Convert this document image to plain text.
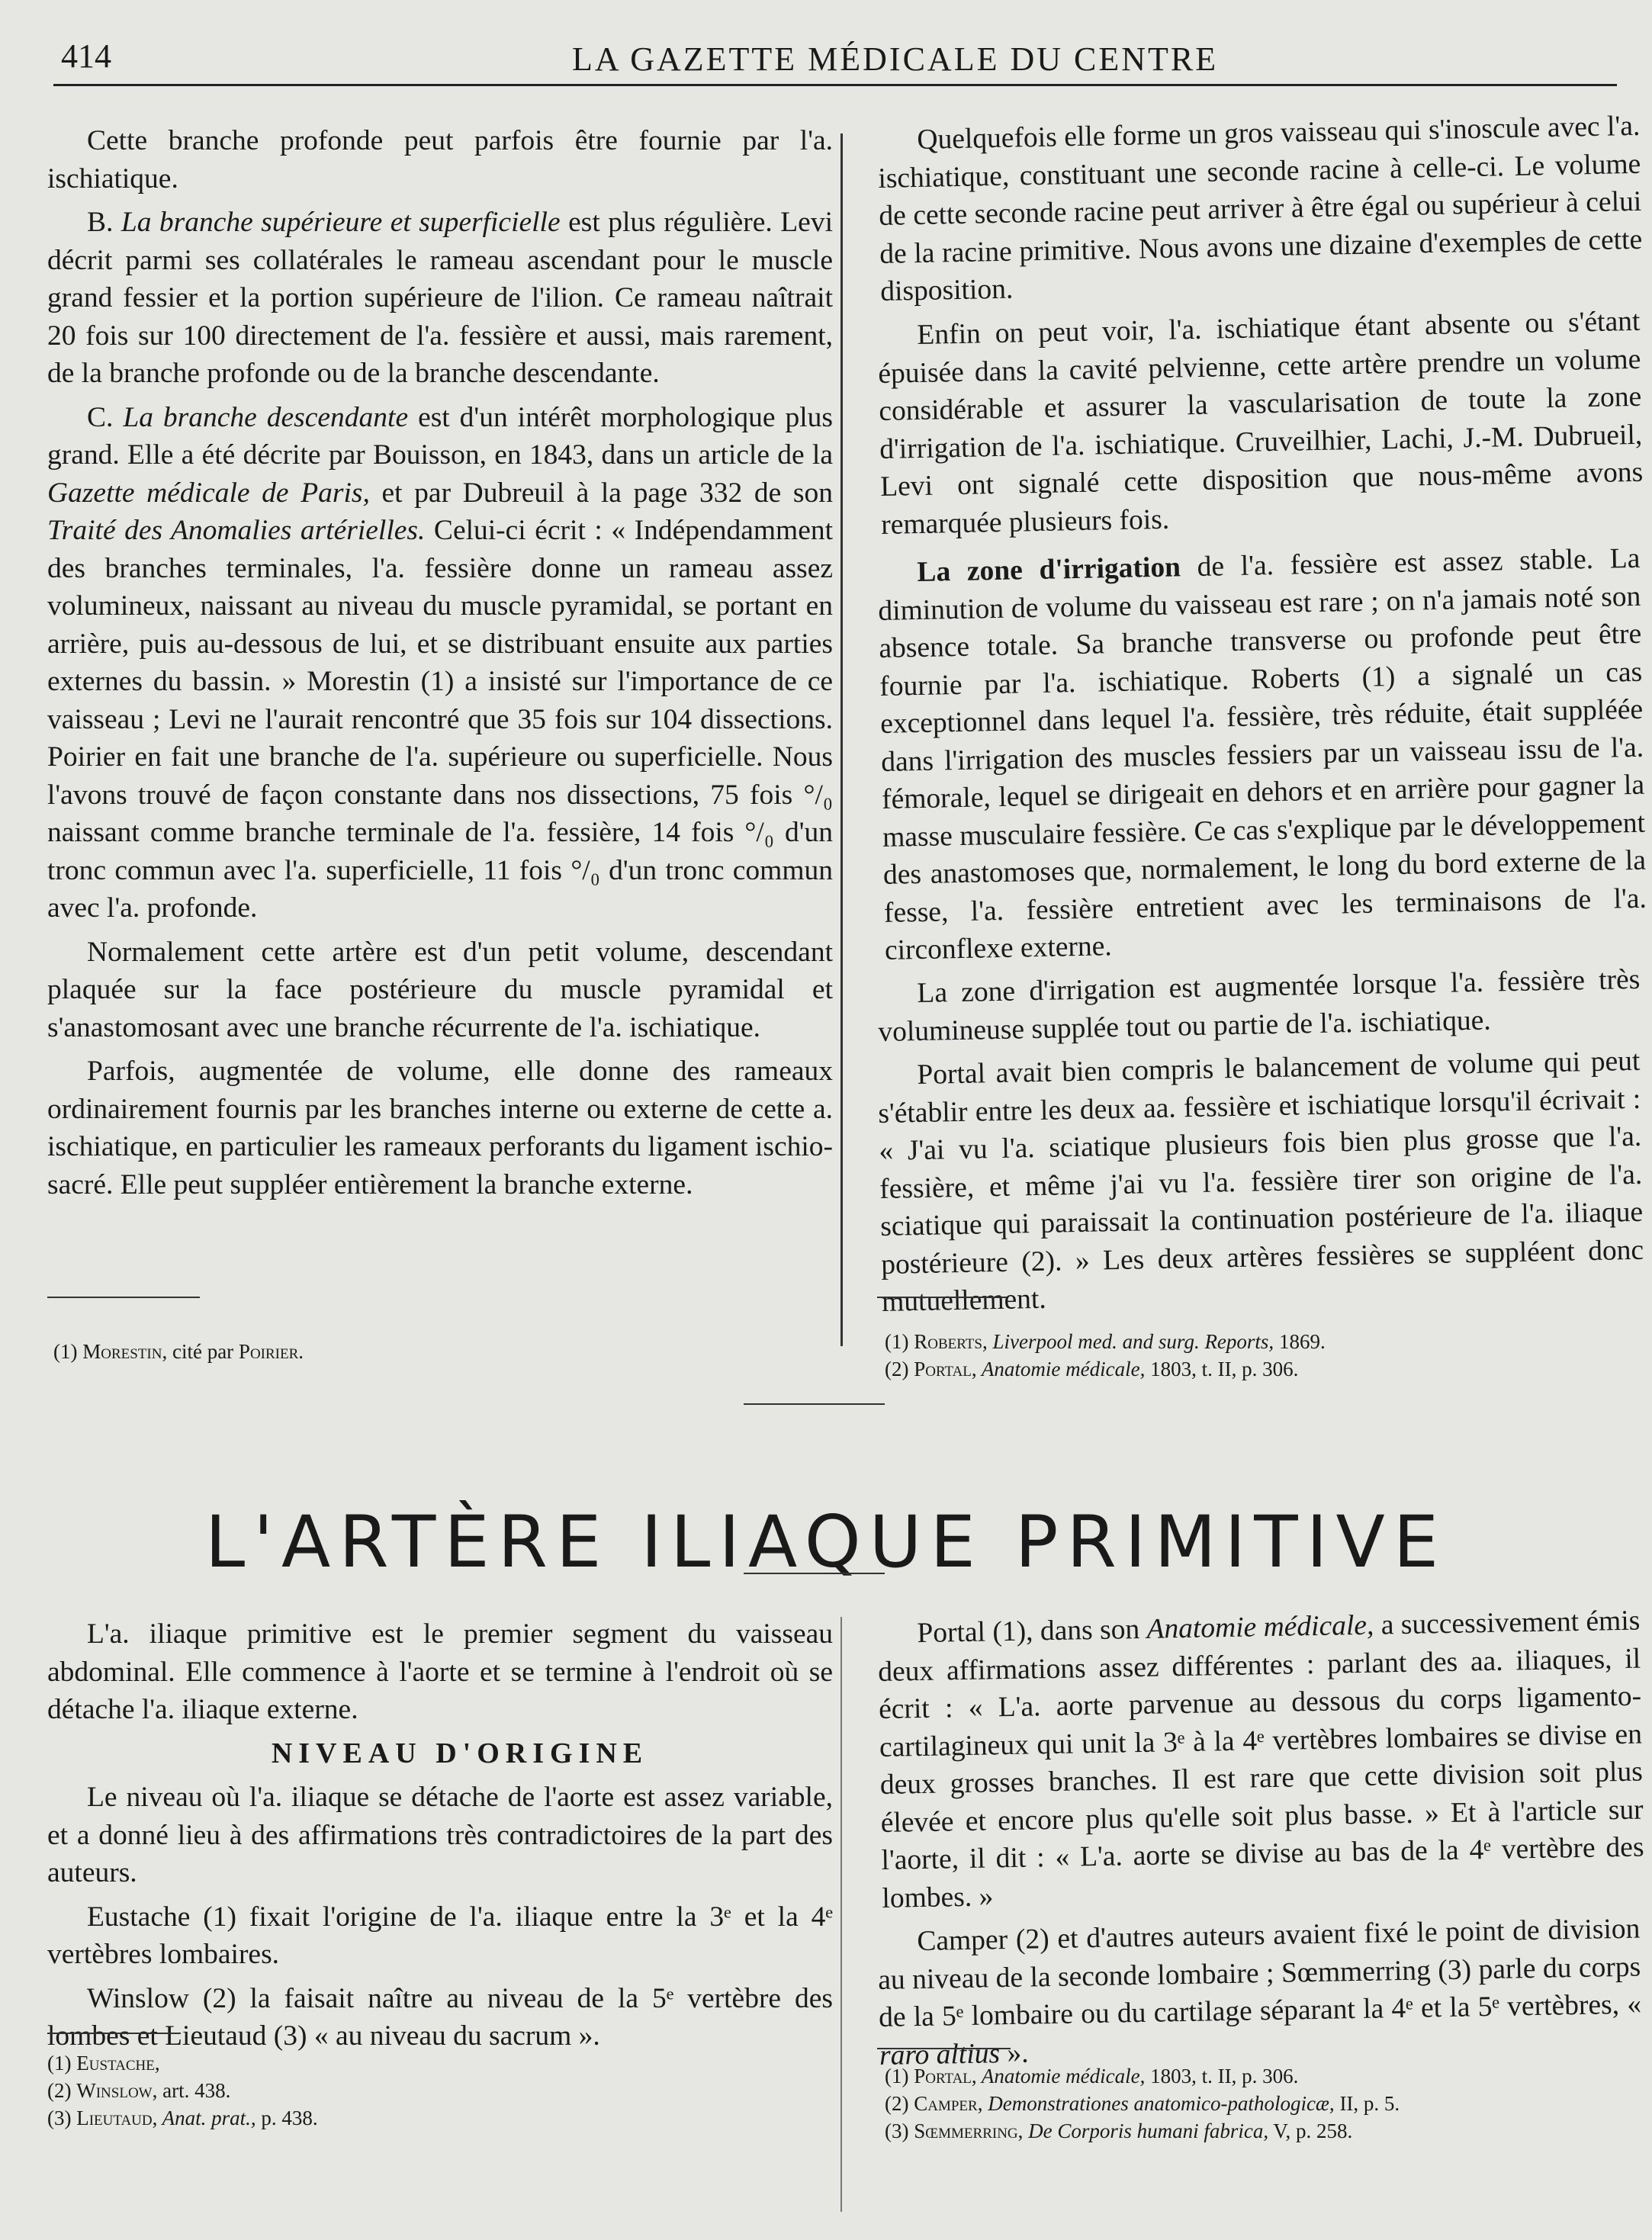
414	LA GAZETTE MÉDICALE DU CENTRE

Cette branche profonde peut parfois être fournie par l'a. ischiatique.

B. La branche supérieure et superficielle est plus régulière. Levi décrit parmi ses collatérales le rameau ascendant pour le muscle grand fessier et la portion supérieure de l'ilion. Ce rameau naîtrait 20 fois sur 100 directement de l'a. fessière et aussi, mais rarement, de la branche profonde ou de la branche descendante.

C. La branche descendante est d'un intérêt morphologique plus grand. Elle a été décrite par Bouisson, en 1843, dans un article de la Gazette médicale de Paris, et par Dubreuil à la page 332 de son Traité des Anomalies artérielles. Celui-ci écrit : « Indépendamment des branches terminales, l'a. fessière donne un rameau assez volumineux, naissant au niveau du muscle pyramidal, se portant en arrière, puis au-dessous de lui, et se distribuant ensuite aux parties externes du bassin. » Morestin (1) a insisté sur l'importance de ce vaisseau ; Levi ne l'aurait rencontré que 35 fois sur 104 dissections. Poirier en fait une branche de l'a. supérieure ou superficielle. Nous l'avons trouvé de façon constante dans nos dissections, 75 fois °/₀ naissant comme branche terminale de l'a. fessière, 14 fois °/₀ d'un tronc commun avec l'a. superficielle, 11 fois °/₀ d'un tronc commun avec l'a. profonde.

Normalement cette artère est d'un petit volume, descendant plaquée sur la face postérieure du muscle pyramidal et s'anastomosant avec une branche récurrente de l'a. ischiatique.

Parfois, augmentée de volume, elle donne des rameaux ordinairement fournis par les branches interne ou externe de cette a. ischiatique, en particulier les rameaux perforants du ligament ischio-sacré. Elle peut suppléer entièrement la branche externe.

(1) Morestin, cité par Poirier.

Quelquefois elle forme un gros vaisseau qui s'inoscule avec l'a. ischiatique, constituant une seconde racine à celle-ci. Le volume de cette seconde racine peut arriver à être égal ou supérieur à celui de la racine primitive. Nous avons une dizaine d'exemples de cette disposition.

Enfin on peut voir, l'a. ischiatique étant absente ou s'étant épuisée dans la cavité pelvienne, cette artère prendre un volume considérable et assurer la vascularisation de toute la zone d'irrigation de l'a. ischiatique. Cruveilhier, Lachi, J.-M. Dubrueil, Levi ont signalé cette disposition que nous-même avons remarquée plusieurs fois.

La zone d'irrigation de l'a. fessière est assez stable. La diminution de volume du vaisseau est rare ; on n'a jamais noté son absence totale. Sa branche transverse ou profonde peut être fournie par l'a. ischiatique. Roberts (1) a signalé un cas exceptionnel dans lequel l'a. fessière, très réduite, était suppléée dans l'irrigation des muscles fessiers par un vaisseau issu de l'a. fémorale, lequel se dirigeait en dehors et en arrière pour gagner la masse musculaire fessière. Ce cas s'explique par le développement des anastomoses que, normalement, le long du bord externe de la fesse, l'a. fessière entretient avec les terminaisons de l'a. circonflexe externe.

La zone d'irrigation est augmentée lorsque l'a. fessière très volumineuse supplée tout ou partie de l'a. ischiatique.

Portal avait bien compris le balancement de volume qui peut s'établir entre les deux aa. fessière et ischiatique lorsqu'il écrivait : « J'ai vu l'a. sciatique plusieurs fois bien plus grosse que l'a. fessière, et même j'ai vu l'a. fessière tirer son origine de l'a. sciatique qui paraissait la continuation postérieure de l'a. iliaque postérieure (2). » Les deux artères fessières se suppléent donc mutuellement.

(1) Roberts, Liverpool med. and surg. Reports, 1869.
(2) Portal, Anatomie médicale, 1803, t. II, p. 306.
L'ARTÈRE ILIAQUE PRIMITIVE

L'a. iliaque primitive est le premier segment du vaisseau abdominal. Elle commence à l'aorte et se termine à l'endroit où se détache l'a. iliaque externe.

NIVEAU D'ORIGINE

Le niveau où l'a. iliaque se détache de l'aorte est assez variable, et a donné lieu à des affirmations très contradictoires de la part des auteurs.

Eustache (1) fixait l'origine de l'a. iliaque entre la 3ᵉ et la 4ᵉ vertèbres lombaires.

Winslow (2) la faisait naître au niveau de la 5ᵉ vertèbre des lombes et Lieutaud (3) « au niveau du sacrum ».

(1) Eustache,
(2) Winslow, art. 438.
(3) Lieutaud, Anat. prat., p. 438.

Portal (1), dans son Anatomie médicale, a successivement émis deux affirmations assez différentes : parlant des aa. iliaques, il écrit : « L'a. aorte parvenue au dessous du corps ligamento-cartilagineux qui unit la 3ᵉ à la 4ᵉ vertèbres lombaires se divise en deux grosses branches. Il est rare que cette division soit plus élevée et encore plus qu'elle soit plus basse. » Et à l'article sur l'aorte, il dit : « L'a. aorte se divise au bas de la 4ᵉ vertèbre des lombes. »

Camper (2) et d'autres auteurs avaient fixé le point de division au niveau de la seconde lombaire ; Sœmmerring (3) parle du corps de la 5ᵉ lombaire ou du cartilage séparant la 4ᵉ et la 5ᵉ vertèbres, « raro altius ».

(1) Portal, Anatomie médicale, 1803, t. II, p. 306.
(2) Camper, Demonstrationes anatomico-pathologicæ, II, p. 5.
(3) Sœmmerring, De Corporis humani fabrica, V, p. 258.
